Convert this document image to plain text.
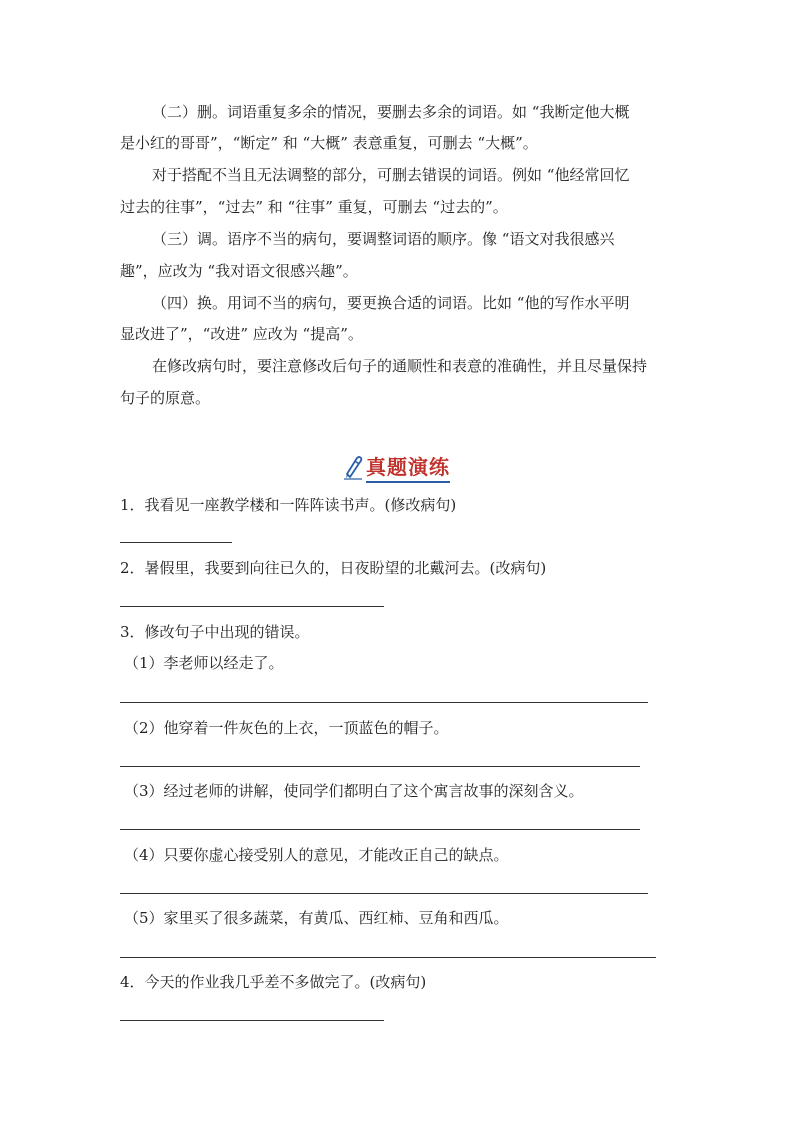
（二）删。词语重复多余的情况，要删去多余的词语。如 “我断定他大概
是小红的哥哥”，“断定” 和 “大概” 表意重复，可删去 “大概”。
对于搭配不当且无法调整的部分，可删去错误的词语。例如 “他经常回忆
过去的往事”，“过去” 和 “往事” 重复，可删去 “过去的”。
（三）调。语序不当的病句，要调整词语的顺序。像 “语文对我很感兴
趣”，应改为 “我对语文很感兴趣”。
（四）换。用词不当的病句，要更换合适的词语。比如 “他的写作水平明
显改进了”，“改进” 应改为 “提高”。
在修改病句时，要注意修改后句子的通顺性和表意的准确性，并且尽量保持
句子的原意。
真题演练
1．我看见一座教学楼和一阵阵读书声。(修改病句)
2．暑假里，我要到向往已久的，日夜盼望的北戴河去。(改病句)
3．修改句子中出现的错误。
（1）李老师以经走了。
（2）他穿着一件灰色的上衣，一顶蓝色的帽子。
（3）经过老师的讲解，使同学们都明白了这个寓言故事的深刻含义。
（4）只要你虚心接受别人的意见，才能改正自己的缺点。
（5）家里买了很多蔬菜，有黄瓜、西红柿、豆角和西瓜。
4．今天的作业我几乎差不多做完了。(改病句)
